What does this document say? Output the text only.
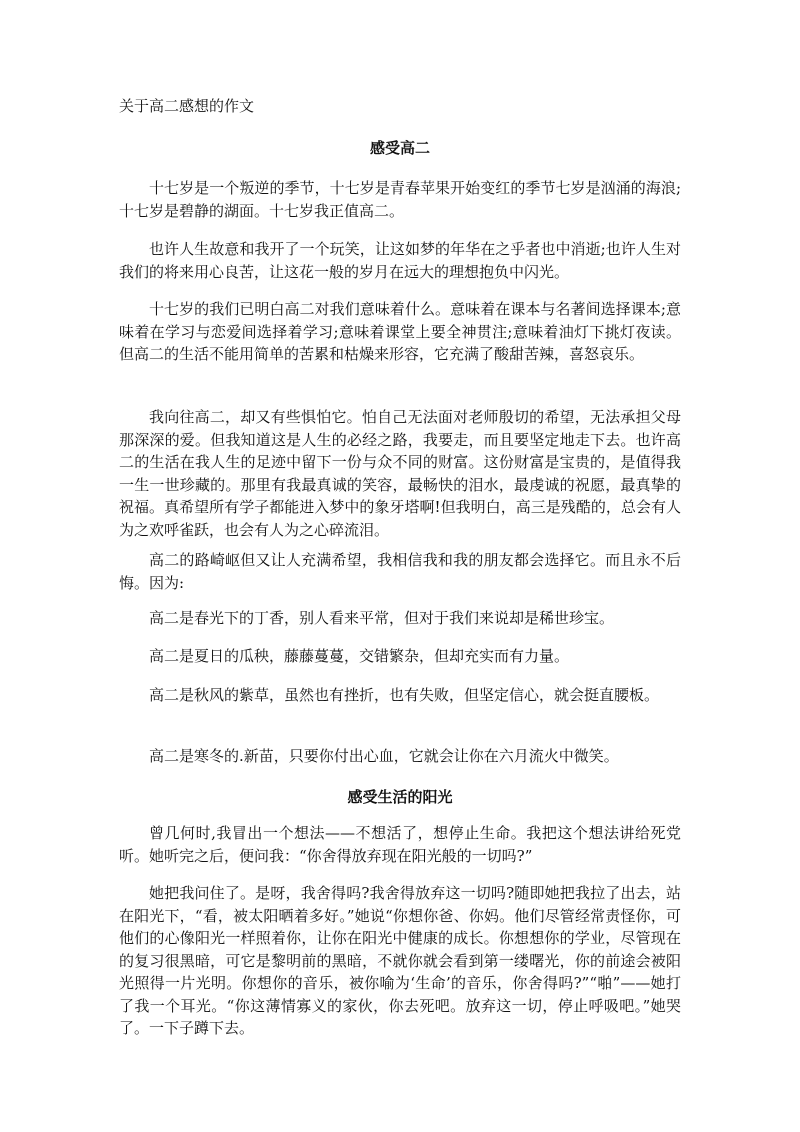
关于高二感想的作文
感受高二

十七岁是一个叛逆的季节，十七岁是青春苹果开始变红的季节七岁是汹涌的海浪;十七岁是碧静的湖面。十七岁我正值高二。

也许人生故意和我开了一个玩笑，让这如梦的年华在之乎者也中消逝;也许人生对我们的将来用心良苦，让这花一般的岁月在远大的理想抱负中闪光。

十七岁的我们已明白高二对我们意味着什么。意味着在课本与名著间选择课本;意味着在学习与恋爱间选择着学习;意味着课堂上要全神贯注;意味着油灯下挑灯夜读。但高二的生活不能用简单的苦累和枯燥来形容，它充满了酸甜苦辣，喜怒哀乐。

我向往高二，却又有些惧怕它。怕自己无法面对老师殷切的希望，无法承担父母那深深的爱。但我知道这是人生的必经之路，我要走，而且要坚定地走下去。也许高二的生活在我人生的足迹中留下一份与众不同的财富。这份财富是宝贵的，是值得我一生一世珍藏的。那里有我最真诚的笑容，最畅快的泪水，最虔诚的祝愿，最真挚的祝福。真希望所有学子都能进入梦中的象牙塔啊!但我明白，高三是残酷的，总会有人为之欢呼雀跃，也会有人为之心碎流泪。

高二的路崎岖但又让人充满希望，我相信我和我的朋友都会选择它。而且永不后悔。因为:

高二是春光下的丁香，别人看来平常，但对于我们来说却是稀世珍宝。

高二是夏日的瓜秧，藤藤蔓蔓，交错繁杂，但却充实而有力量。

高二是秋风的紫草，虽然也有挫折，也有失败，但坚定信心，就会挺直腰板。

高二是寒冬的.新苗，只要你付出心血，它就会让你在六月流火中微笑。

感受生活的阳光

曾几何时,我冒出一个想法——不想活了，想停止生命。我把这个想法讲给死党听。她听完之后，便问我：“你舍得放弃现在阳光般的一切吗?”

她把我问住了。是呀，我舍得吗?我舍得放弃这一切吗?随即她把我拉了出去，站在阳光下，“看，被太阳晒着多好。”她说“你想你爸、你妈。他们尽管经常责怪你，可他们的心像阳光一样照着你，让你在阳光中健康的成长。你想想你的学业，尽管现在的复习很黑暗，可它是黎明前的黑暗，不就你就会看到第一缕曙光，你的前途会被阳光照得一片光明。你想你的音乐，被你喻为‘生命’的音乐，你舍得吗?”“啪”——她打了我一个耳光。“你这薄情寡义的家伙，你去死吧。放弃这一切，停止呼吸吧。”她哭了。一下子蹲下去。
